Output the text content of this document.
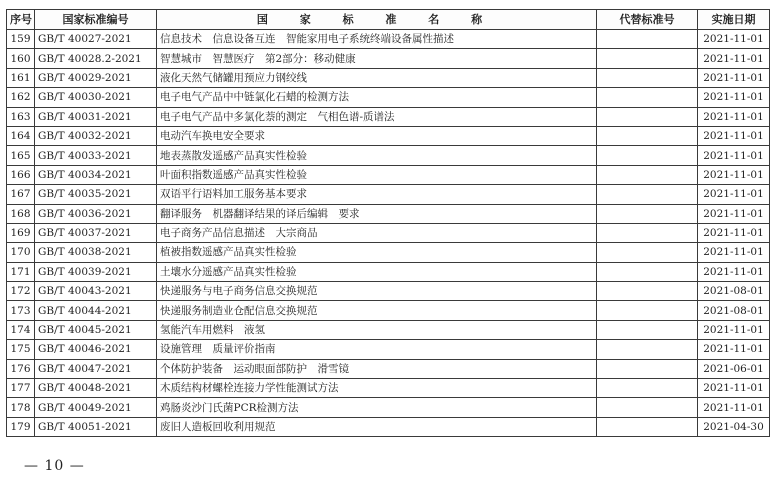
序号	国家标准编号	国 家 标 准 名 称	代替标准号	实施日期
159	GB/T 40027-2021	信息技术　信息设备互连　智能家用电子系统终端设备属性描述		2021-11-01
160	GB/T 40028.2-2021	智慧城市　智慧医疗　第2部分：移动健康		2021-11-01
161	GB/T 40029-2021	液化天然气储罐用预应力钢绞线		2021-11-01
162	GB/T 40030-2021	电子电气产品中中链氯化石蜡的检测方法		2021-11-01
163	GB/T 40031-2021	电子电气产品中多氯化萘的测定　气相色谱-质谱法		2021-11-01
164	GB/T 40032-2021	电动汽车换电安全要求		2021-11-01
165	GB/T 40033-2021	地表蒸散发遥感产品真实性检验		2021-11-01
166	GB/T 40034-2021	叶面积指数遥感产品真实性检验		2021-11-01
167	GB/T 40035-2021	双语平行语料加工服务基本要求		2021-11-01
168	GB/T 40036-2021	翻译服务　机器翻译结果的译后编辑　要求		2021-11-01
169	GB/T 40037-2021	电子商务产品信息描述　大宗商品		2021-11-01
170	GB/T 40038-2021	植被指数遥感产品真实性检验		2021-11-01
171	GB/T 40039-2021	土壤水分遥感产品真实性检验		2021-11-01
172	GB/T 40043-2021	快递服务与电子商务信息交换规范		2021-08-01
173	GB/T 40044-2021	快递服务制造业仓配信息交换规范		2021-08-01
174	GB/T 40045-2021	氢能汽车用燃料　液氢		2021-11-01
175	GB/T 40046-2021	设施管理　质量评价指南		2021-11-01
176	GB/T 40047-2021	个体防护装备　运动眼面部防护　滑雪镜		2021-06-01
177	GB/T 40048-2021	木质结构材螺栓连接力学性能测试方法		2021-11-01
178	GB/T 40049-2021	鸡肠炎沙门氏菌PCR检测方法		2021-11-01
179	GB/T 40051-2021	废旧人造板回收利用规范		2021-04-30
— 10 —
